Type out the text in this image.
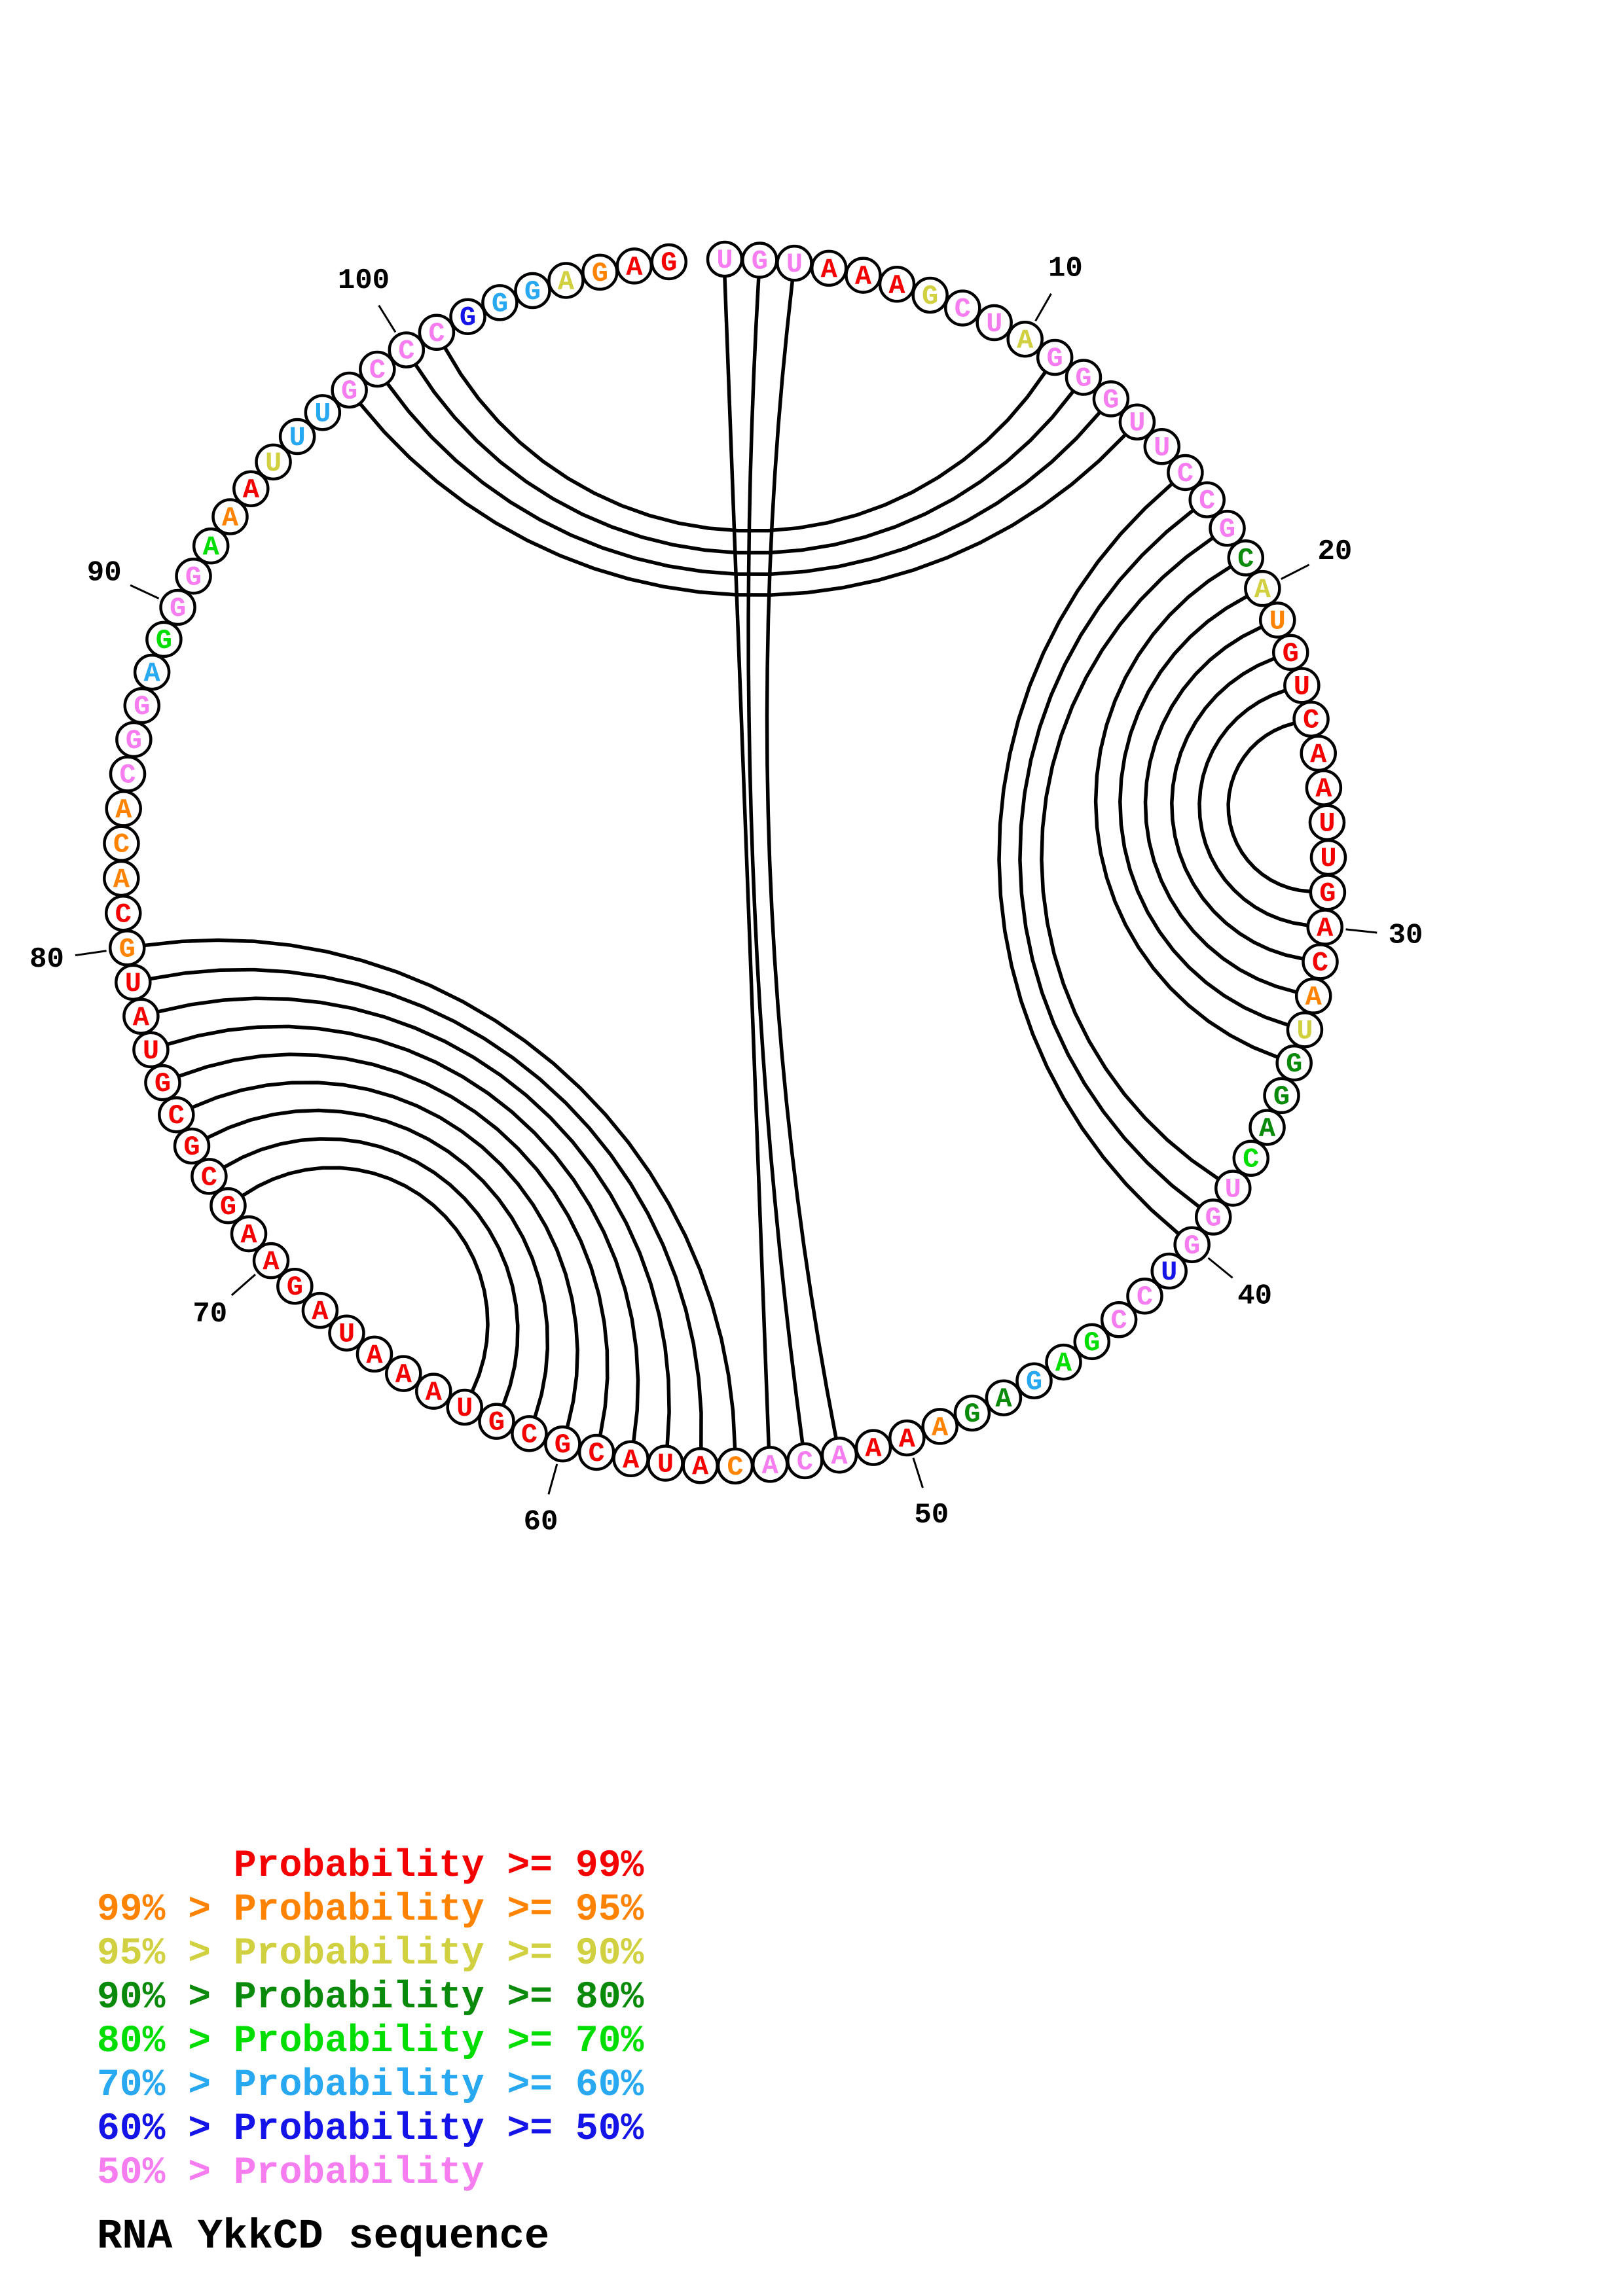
10
20
30
40
50
60
70
80
90
100
U G U A A A G C U
A
G
G
G
U
U
C
C
G
C
A
U
G
U
C
A
A
U
U
G
A
C
A
U
G
G
A
C
U
G
G
U
C
C
G
A
G
A
G
A
A
A
A
C
A
C
A
U
A
C
G
C
G
U
A
A
A
U
A
G
A
A
G
C
G
C
G
U
A
U
G
C
A
C
A
C
G
G
A
G
G
G
A
A
A
U
U
U
G
C
C
C
G G G A G A G
Probability >= 99%
99% > Probability >= 95%
95% > Probability >= 90%
90% > Probability >= 80%
80% > Probability >= 70%
70% > Probability >= 60%
60% > Probability >= 50%
50% > Probability
RNA YkkCD sequence
